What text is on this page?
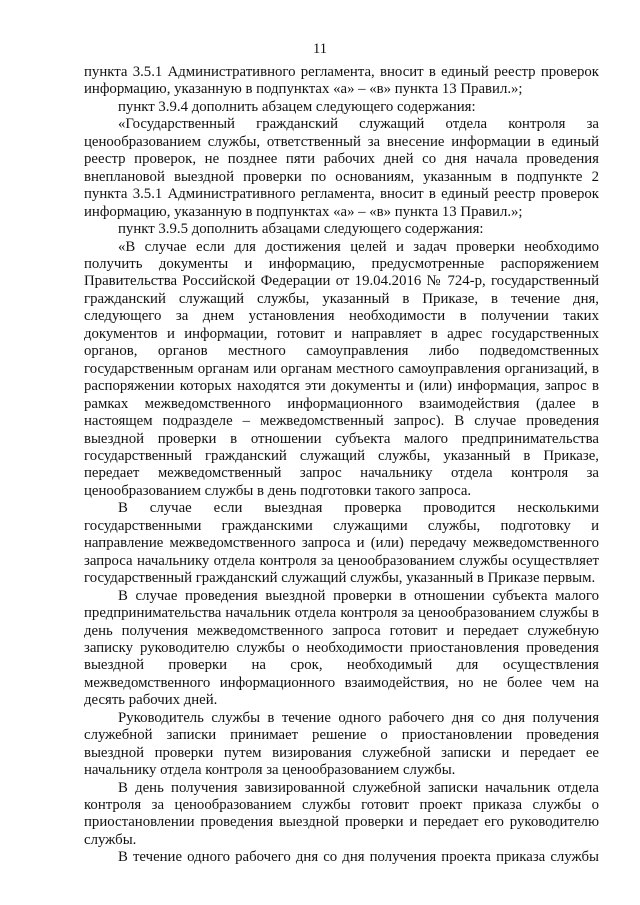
11

пункта 3.5.1 Административного регламента, вносит в единый реестр проверок информацию, указанную в подпунктах «а» – «в» пункта 13 Правил.»;

пункт 3.9.4 дополнить абзацем следующего содержания:

«Государственный гражданский служащий отдела контроля за ценообразованием службы, ответственный за внесение информации в единый реестр проверок, не позднее пяти рабочих дней со дня начала проведения внеплановой выездной проверки по основаниям, указанным в подпункте 2 пункта 3.5.1 Административного регламента, вносит в единый реестр проверок информацию, указанную в подпунктах «а» – «в» пункта 13 Правил.»;

пункт 3.9.5 дополнить абзацами следующего содержания:

«В случае если для достижения целей и задач проверки необходимо получить документы и информацию, предусмотренные распоряжением Правительства Российской Федерации от 19.04.2016 № 724-р, государственный гражданский служащий службы, указанный в Приказе, в течение дня, следующего за днем установления необходимости в получении таких документов и информации, готовит и направляет в адрес государственных органов, органов местного самоуправления либо подведомственных государственным органам или органам местного самоуправления организаций, в распоряжении которых находятся эти документы и (или) информация, запрос в рамках межведомственного информационного взаимодействия (далее в настоящем подразделе – межведомственный запрос). В случае проведения выездной проверки в отношении субъекта малого предпринимательства государственный гражданский служащий службы, указанный в Приказе, передает межведомственный запрос начальнику отдела контроля за ценообразованием службы в день подготовки такого запроса.

В случае если выездная проверка проводится несколькими государственными гражданскими служащими службы, подготовку и направление межведомственного запроса и (или) передачу межведомственного запроса начальнику отдела контроля за ценообразованием службы осуществляет государственный гражданский служащий службы, указанный в Приказе первым.

В случае проведения выездной проверки в отношении субъекта малого предпринимательства начальник отдела контроля за ценообразованием службы в день получения межведомственного запроса готовит и передает служебную записку руководителю службы о необходимости приостановления проведения выездной проверки на срок, необходимый для осуществления межведомственного информационного взаимодействия, но не более чем на десять рабочих дней.

Руководитель службы в течение одного рабочего дня со дня получения служебной записки принимает решение о приостановлении проведения выездной проверки путем визирования служебной записки и передает ее начальнику отдела контроля за ценообразованием службы.

В день получения завизированной служебной записки начальник отдела контроля за ценообразованием службы готовит проект приказа службы о приостановлении проведения выездной проверки и передает его руководителю службы.

В течение одного рабочего дня со дня получения проекта приказа службы
